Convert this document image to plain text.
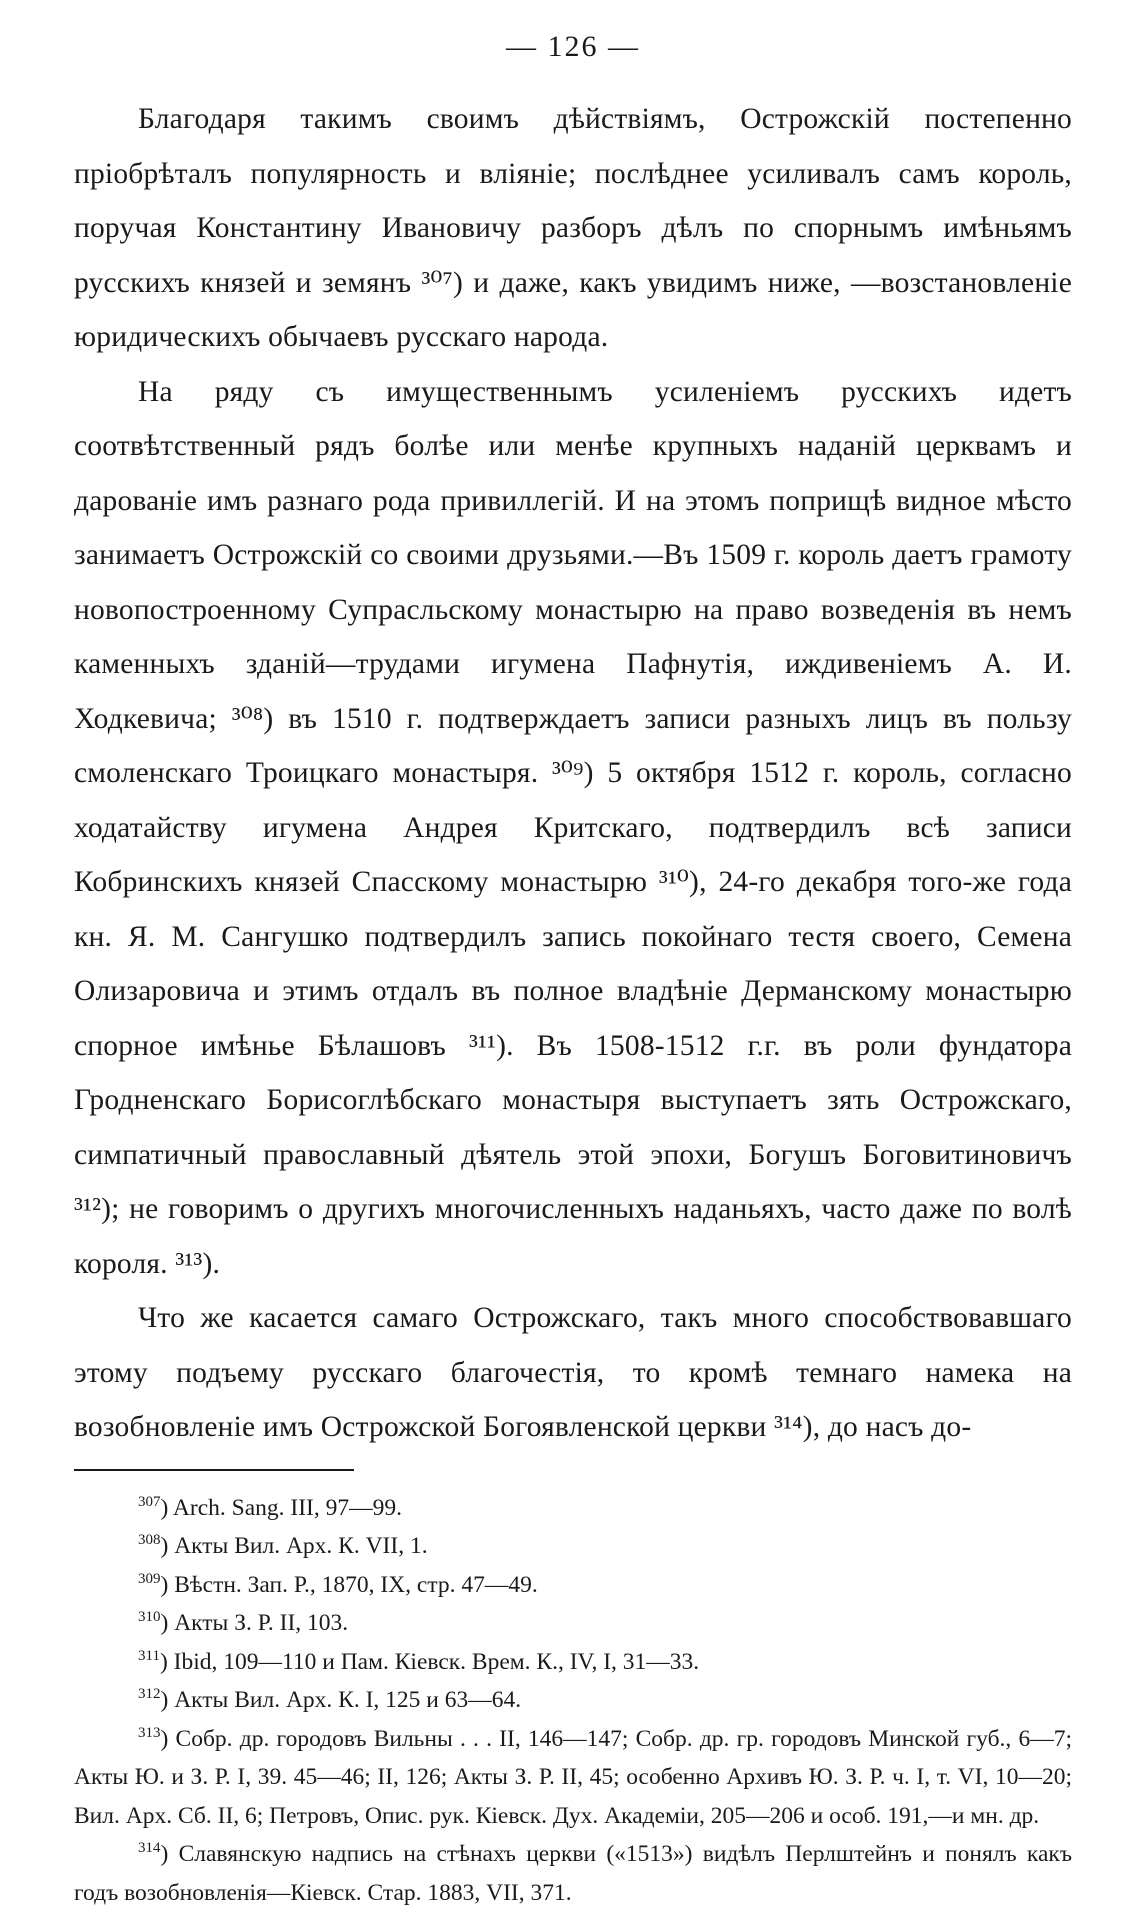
— 126 —

Благодаря такимъ своимъ дѣйствіямъ, Острожскій постепенно пріобрѣталъ популярность и вліяніе; послѣднее усиливалъ самъ король, поручая Константину Ивановичу разборъ дѣлъ по спорнымъ имѣньямъ русскихъ князей и земянъ ³⁰⁷) и даже, какъ увидимъ ниже, —возстановленіе юридическихъ обычаевъ русскаго народа.

На ряду съ имущественнымъ усиленіемъ русскихъ идетъ соотвѣтственный рядъ болѣе или менѣе крупныхъ наданій церквамъ и дарованіе имъ разнаго рода привиллегій. И на этомъ поприщѣ видное мѣсто занимаетъ Острожскій со своими друзьями.—Въ 1509 г. король даетъ грамоту новопостроенному Супрасльскому монастырю на право возведенія въ немъ каменныхъ зданій—трудами игумена Пафнутія, иждивеніемъ А. И. Ходкевича; ³⁰⁸) въ 1510 г. подтверждаетъ записи разныхъ лицъ въ пользу смоленскаго Троицкаго монастыря. ³⁰⁹) 5 октября 1512 г. король, согласно ходатайству игумена Андрея Критскаго, подтвердилъ всѣ записи Кобринскихъ князей Спасскому монастырю ³¹⁰), 24-го декабря того-же года кн. Я. М. Сангушко подтвердилъ запись покойнаго тестя своего, Семена Олизаровича и этимъ отдалъ въ полное владѣніе Дерманскому монастырю спорное имѣнье Бѣлашовъ ³¹¹). Въ 1508-1512 г.г. въ роли фундатора Гродненскаго Борисоглѣбскаго монастыря выступаетъ зять Острожскаго, симпатичный православный дѣятель этой эпохи, Богушъ Боговитиновичъ ³¹²); не говоримъ о другихъ многочисленныхъ наданьяхъ, часто даже по волѣ короля. ³¹³).

Что же касается самаго Острожскаго, такъ много способствовавшаго этому подъему русскаго благочестія, то кромѣ темнаго намека на возобновленіе имъ Острожской Богоявленской церкви ³¹⁴), до насъ до-

$^{307}$) Arch. Sang. III, 97—99.
$^{308}$) Акты Вил. Арх. К. VII, 1.
$^{309}$) Вѣстн. Зап. Р., 1870, IX, стр. 47—49.
$^{310}$) Акты З. Р. II, 103.
$^{311}$) Ibid, 109—110 и Пам. Кіевск. Врем. К., IV, I, 31—33.
$^{312}$) Акты Вил. Арх. К. I, 125 и 63—64.
$^{313}$) Собр. др. городовъ Вильны . . . II, 146—147; Собр. др. гр. городовъ Минской губ., 6—7; Акты Ю. и З. Р. I, 39. 45—46; II, 126; Акты З. Р. II, 45; особенно Архивъ Ю. З. Р. ч. I, т. VI, 10—20; Вил. Арх. Сб. II, 6; Петровъ, Опис. рук. Кіевск. Дух. Академіи, 205—206 и особ. 191,—и мн. др.
$^{314}$) Славянскую надпись на стѣнахъ церкви («1513») видѣлъ Перлштейнъ и понялъ какъ годъ возобновленія—Кіевск. Стар. 1883, VII, 371.
